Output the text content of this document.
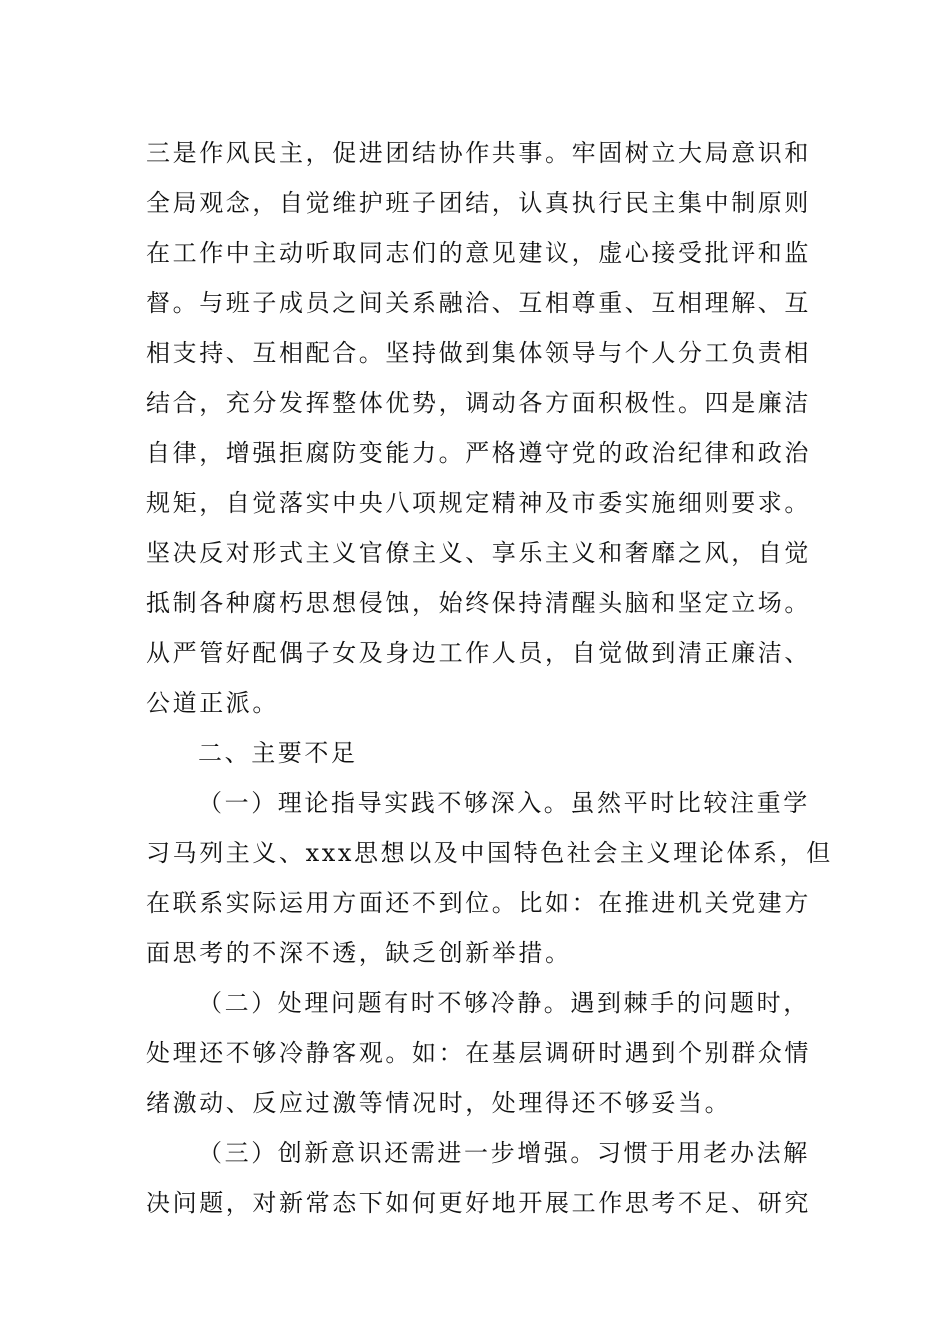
三是作风民主，促进团结协作共事。牢固树立大局意识和
全局观念，自觉维护班子团结，认真执行民主集中制原则
在工作中主动听取同志们的意见建议，虚心接受批评和监
督。与班子成员之间关系融洽、互相尊重、互相理解、互
相支持、互相配合。坚持做到集体领导与个人分工负责相
结合，充分发挥整体优势，调动各方面积极性。四是廉洁
自律，增强拒腐防变能力。严格遵守党的政治纪律和政治
规矩，自觉落实中央八项规定精神及市委实施细则要求。
坚决反对形式主义官僚主义、享乐主义和奢靡之风，自觉
抵制各种腐朽思想侵蚀，始终保持清醒头脑和坚定立场。
从严管好配偶子女及身边工作人员，自觉做到清正廉洁、
公道正派。
二、主要不足
（一）理论指导实践不够深入。虽然平时比较注重学
习马列主义、xxx思想以及中国特色社会主义理论体系，但
在联系实际运用方面还不到位。比如：在推进机关党建方
面思考的不深不透，缺乏创新举措。
（二）处理问题有时不够冷静。遇到棘手的问题时，
处理还不够冷静客观。如：在基层调研时遇到个别群众情
绪激动、反应过激等情况时，处理得还不够妥当。
（三）创新意识还需进一步增强。习惯于用老办法解
决问题，对新常态下如何更好地开展工作思考不足、研究
